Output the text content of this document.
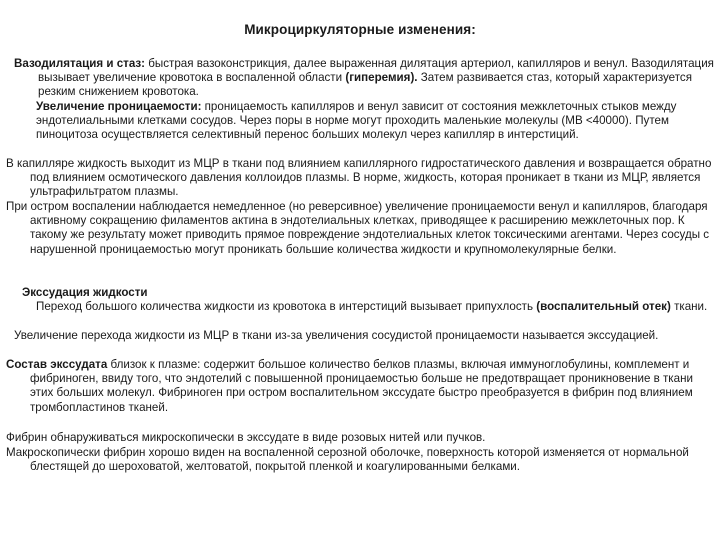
Микроциркуляторные изменения:

Вазодилятация и стаз: быстрая вазоконстрикция, далее выраженная дилятация артериол, капилляров и венул. Вазодилятация вызывает увеличение кровотока в воспаленной области (гиперемия). Затем развивается стаз, который характеризуется резким снижением кровотока.

Увеличение проницаемости: проницаемость капилляров и венул зависит от состояния межклеточных стыков между эндотелиальными клетками сосудов. Через поры в норме могут проходить маленькие молекулы (МВ <40000). Путем пиноцитоза осуществляется селективный перенос больших молекул через капилляр в интерстиций.

В капилляре жидкость выходит из МЦР в ткани под влиянием капиллярного гидростатического давления и возвращается обратно под влиянием осмотического давления коллоидов плазмы. В норме, жидкость, которая проникает в ткани из МЦР, является ультрафильтратом плазмы.

При остром воспалении наблюдается немедленное (но реверсивное) увеличение проницаемости венул и капилляров, благодаря активному сокращению филаментов актина в эндотелиальных клетках, приводящее к расширению межклеточных пор. К такому же результату может приводить прямое повреждение эндотелиальных клеток токсическими агентами. Через сосуды с нарушенной проницаемостью могут проникать большие количества жидкости и крупномолекулярные белки.

Экссудация жидкости

Переход большого количества жидкости из кровотока в интерстиций вызывает припухлость (воспалительный отек) ткани.

Увеличение перехода жидкости из МЦР в ткани из-за увеличения сосудистой проницаемости называется экссудацией.

Состав экссудата близок к плазме: содержит большое количество белков плазмы, включая иммуноглобулины, комплемент и фибриноген, ввиду того, что эндотелий с повышенной проницаемостью больше не предотвращает проникновение в ткани этих больших молекул. Фибриноген при остром воспалительном экссудате быстро преобразуется в фибрин под влиянием тромбопластинов тканей.

Фибрин обнаруживаться микроскопически в экссудате в виде розовых нитей или пучков.

Макроскопически фибрин хорошо виден на воспаленной серозной оболочке, поверхность которой изменяется от нормальной блестящей до шероховатой, желтоватой, покрытой пленкой и коагулированными белками.
